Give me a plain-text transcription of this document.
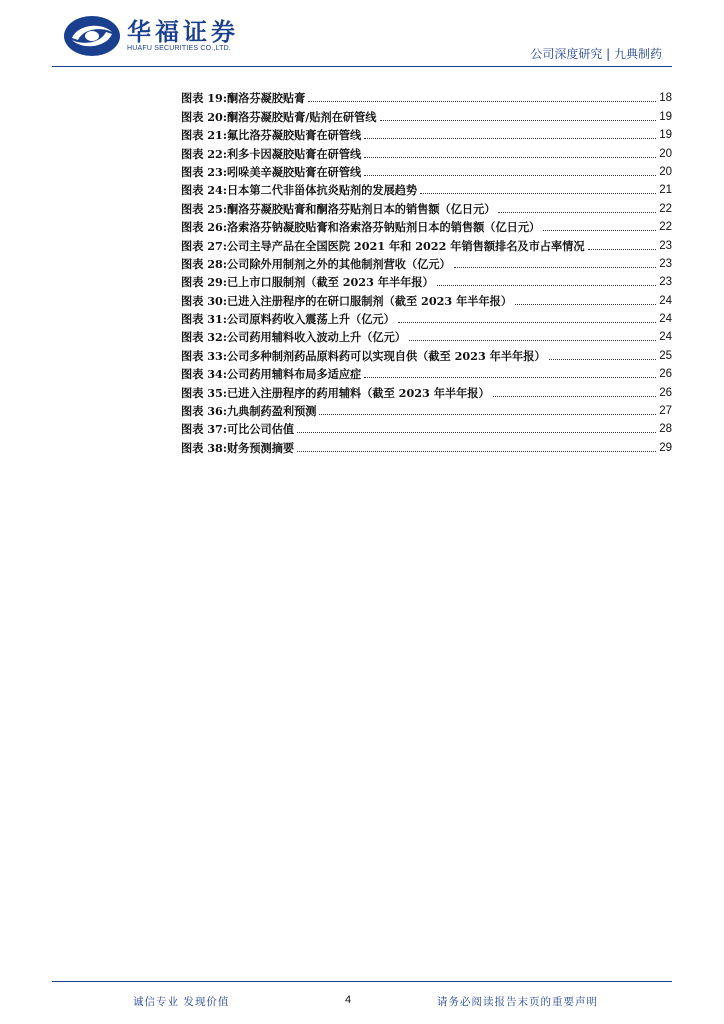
华福证券
HUAFU SECURITIES CO.,LTD.	公司深度研究 | 九典制药
图表 19: 酮洛芬凝胶贴膏	18
图表 20: 酮洛芬凝胶贴膏/贴剂在研管线	19
图表 21: 氟比洛芬凝胶贴膏在研管线	19
图表 22: 利多卡因凝胶贴膏在研管线	20
图表 23: 吲哚美辛凝胶贴膏在研管线	20
图表 24: 日本第二代非甾体抗炎贴剂的发展趋势	21
图表 25: 酮洛芬凝胶贴膏和酮洛芬贴剂日本的销售额（亿日元）	22
图表 26: 洛索洛芬钠凝胶贴膏和洛索洛芬钠贴剂日本的销售额（亿日元）	22
图表 27: 公司主导产品在全国医院 2021 年和 2022 年销售额排名及市占率情况	23
图表 28: 公司除外用制剂之外的其他制剂营收（亿元）	23
图表 29: 已上市口服制剂（截至 2023 年半年报）	23
图表 30: 已进入注册程序的在研口服制剂（截至 2023 年半年报）	24
图表 31: 公司原料药收入震荡上升（亿元）	24
图表 32: 公司药用辅料收入波动上升（亿元）	24
图表 33: 公司多种制剂药品原料药可以实现自供（截至 2023 年半年报）	25
图表 34: 公司药用辅料布局多适应症	26
图表 35: 已进入注册程序的药用辅料（截至 2023 年半年报）	26
图表 36: 九典制药盈利预测	27
图表 37: 可比公司估值	28
图表 38: 财务预测摘要	29
诚信专业 发现价值	4	请务必阅读报告末页的重要声明
